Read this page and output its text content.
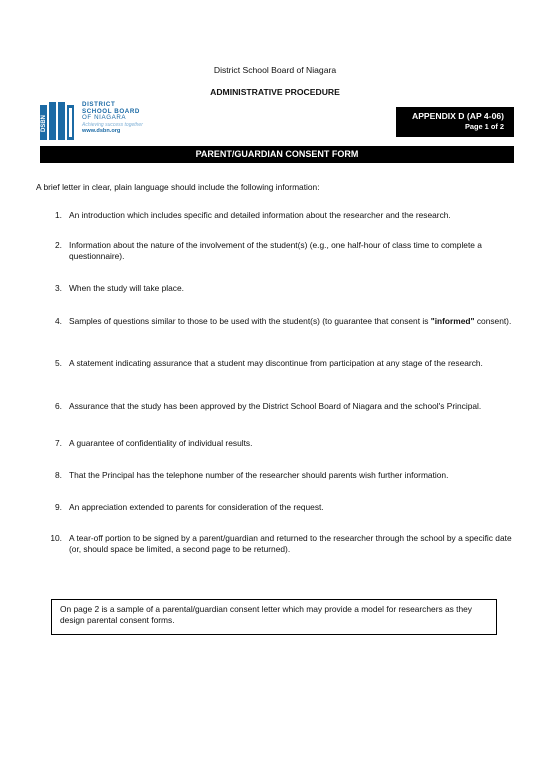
District School Board of Niagara
ADMINISTRATIVE PROCEDURE
DSBN
DISTRICT
SCHOOL BOARD
OF NIAGARA
Achieving success together
www.dsbn.org
APPENDIX D (AP 4-06)
Page 1 of 2
PARENT/GUARDIAN CONSENT FORM
A brief letter in clear, plain language should include the following information:
1. An introduction which includes specific and detailed information about the researcher and the research.
2. Information about the nature of the involvement of the student(s) (e.g., one half-hour of class time to complete a questionnaire).
3. When the study will take place.
4. Samples of questions similar to those to be used with the student(s) (to guarantee that consent is "informed" consent).
5. A statement indicating assurance that a student may discontinue from participation at any stage of the research.
6. Assurance that the study has been approved by the District School Board of Niagara and the school's Principal.
7. A guarantee of confidentiality of individual results.
8. That the Principal has the telephone number of the researcher should parents wish further information.
9. An appreciation extended to parents for consideration of the request.
10. A tear-off portion to be signed by a parent/guardian and returned to the researcher through the school by a specific date (or, should space be limited, a second page to be returned).
On page 2 is a sample of a parental/guardian consent letter which may provide a model for researchers as they design parental consent forms.
